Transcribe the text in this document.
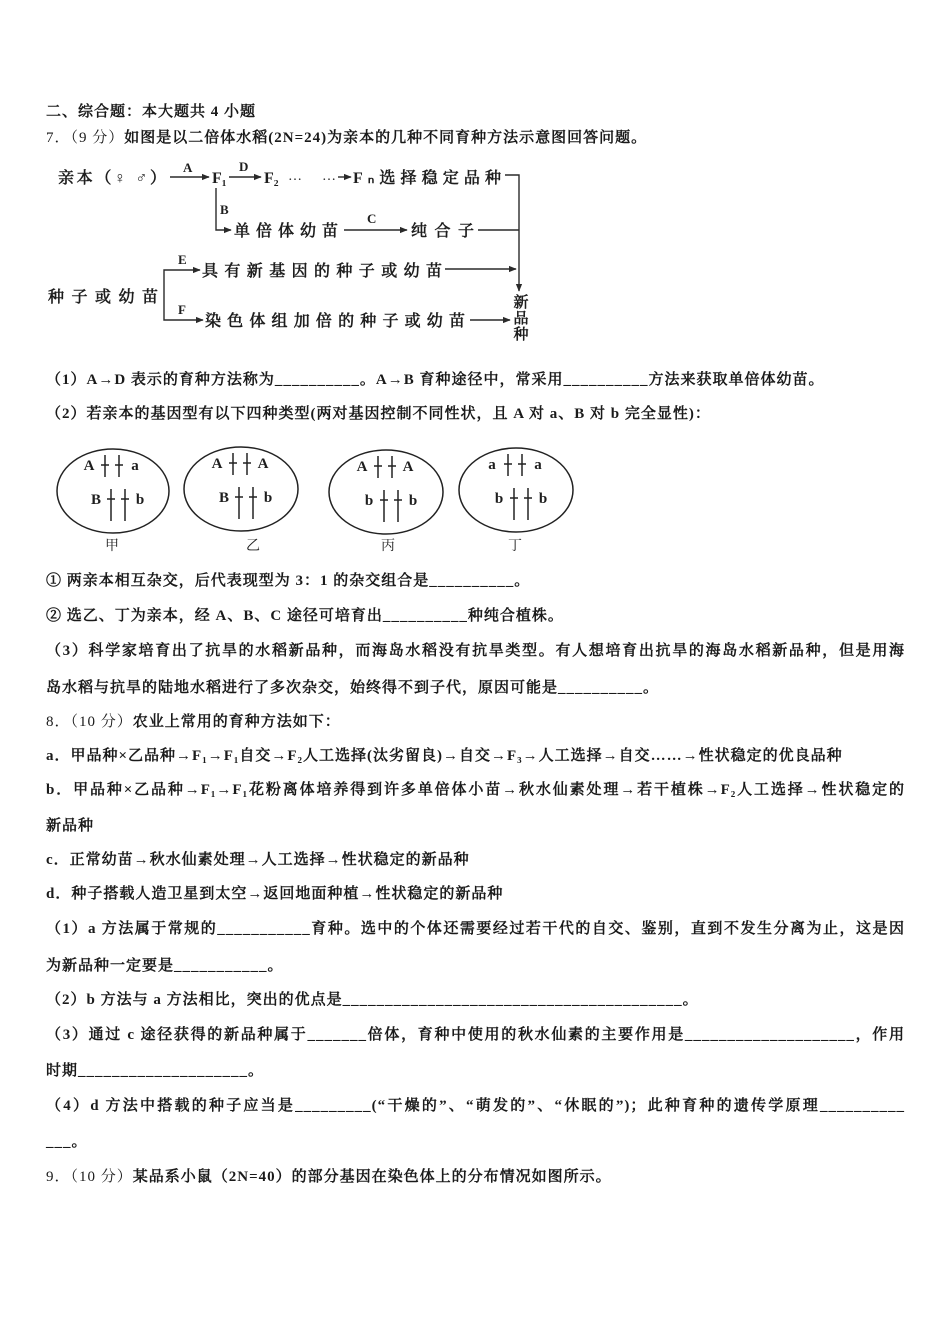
二、综合题：本大题共 4 小题
7．（9 分）如图是以二倍体水稻(2N=24)为亲本的几种不同育种方法示意图回答问题。
亲本（♀ ♂）
A
F₁
D
F₂ …… Fₙ选择稳定品种
B
单倍体幼苗
C
纯合子
种子或幼苗
E
具有新基因的种子或幼苗
F
染色体组加倍的种子或幼苗
新
品
种
（1）A→D 表示的育种方法称为__________。A→B 育种途径中，常采用__________方法来获取单倍体幼苗。
（2）若亲本的基因型有以下四种类型(两对基因控制不同性状，且 A 对 a、B 对 b 完全显性)：
A a
B b
甲
A A
B b
乙
A A
b b
丙
a	a
b b
丁
① 两亲本相互杂交，后代表现型为 3：1 的杂交组合是__________。
② 选乙、丁为亲本，经 A、B、C 途径可培育出__________种纯合植株。
（3）科学家培育出了抗旱的水稻新品种，而海岛水稻没有抗旱类型。有人想培育出抗旱的海岛水稻新品种，但是用海
岛水稻与抗旱的陆地水稻进行了多次杂交，始终得不到子代，原因可能是__________。
8．（10 分）农业上常用的育种方法如下：
a．甲品种×乙品种→F₁→F₁自交→F₂人工选择(汰劣留良)→自交→F₃→人工选择→自交……→性状稳定的优良品种
b．甲品种×乙品种→F₁→F₁花粉离体培养得到许多单倍体小苗→秋水仙素处理→若干植株→F₂人工选择→性状稳定的
新品种
c．正常幼苗→秋水仙素处理→人工选择→性状稳定的新品种
d．种子搭载人造卫星到太空→返回地面种植→性状稳定的新品种
（1）a 方法属于常规的___________育种。选中的个体还需要经过若干代的自交、鉴别，直到不发生分离为止，这是因
为新品种一定要是___________。
（2）b 方法与 a 方法相比，突出的优点是________________________________________。
（3）通过 c 途径获得的新品种属于_______倍体，育种中使用的秋水仙素的主要作用是____________________，作用
时期____________________。
（4）d 方法中搭载的种子应当是_________(“干燥的”、“萌发的”、“休眠的”)；此种育种的遗传学原理__________
___。
9．（10 分）某品系小鼠（2N=40）的部分基因在染色体上的分布情况如图所示。
